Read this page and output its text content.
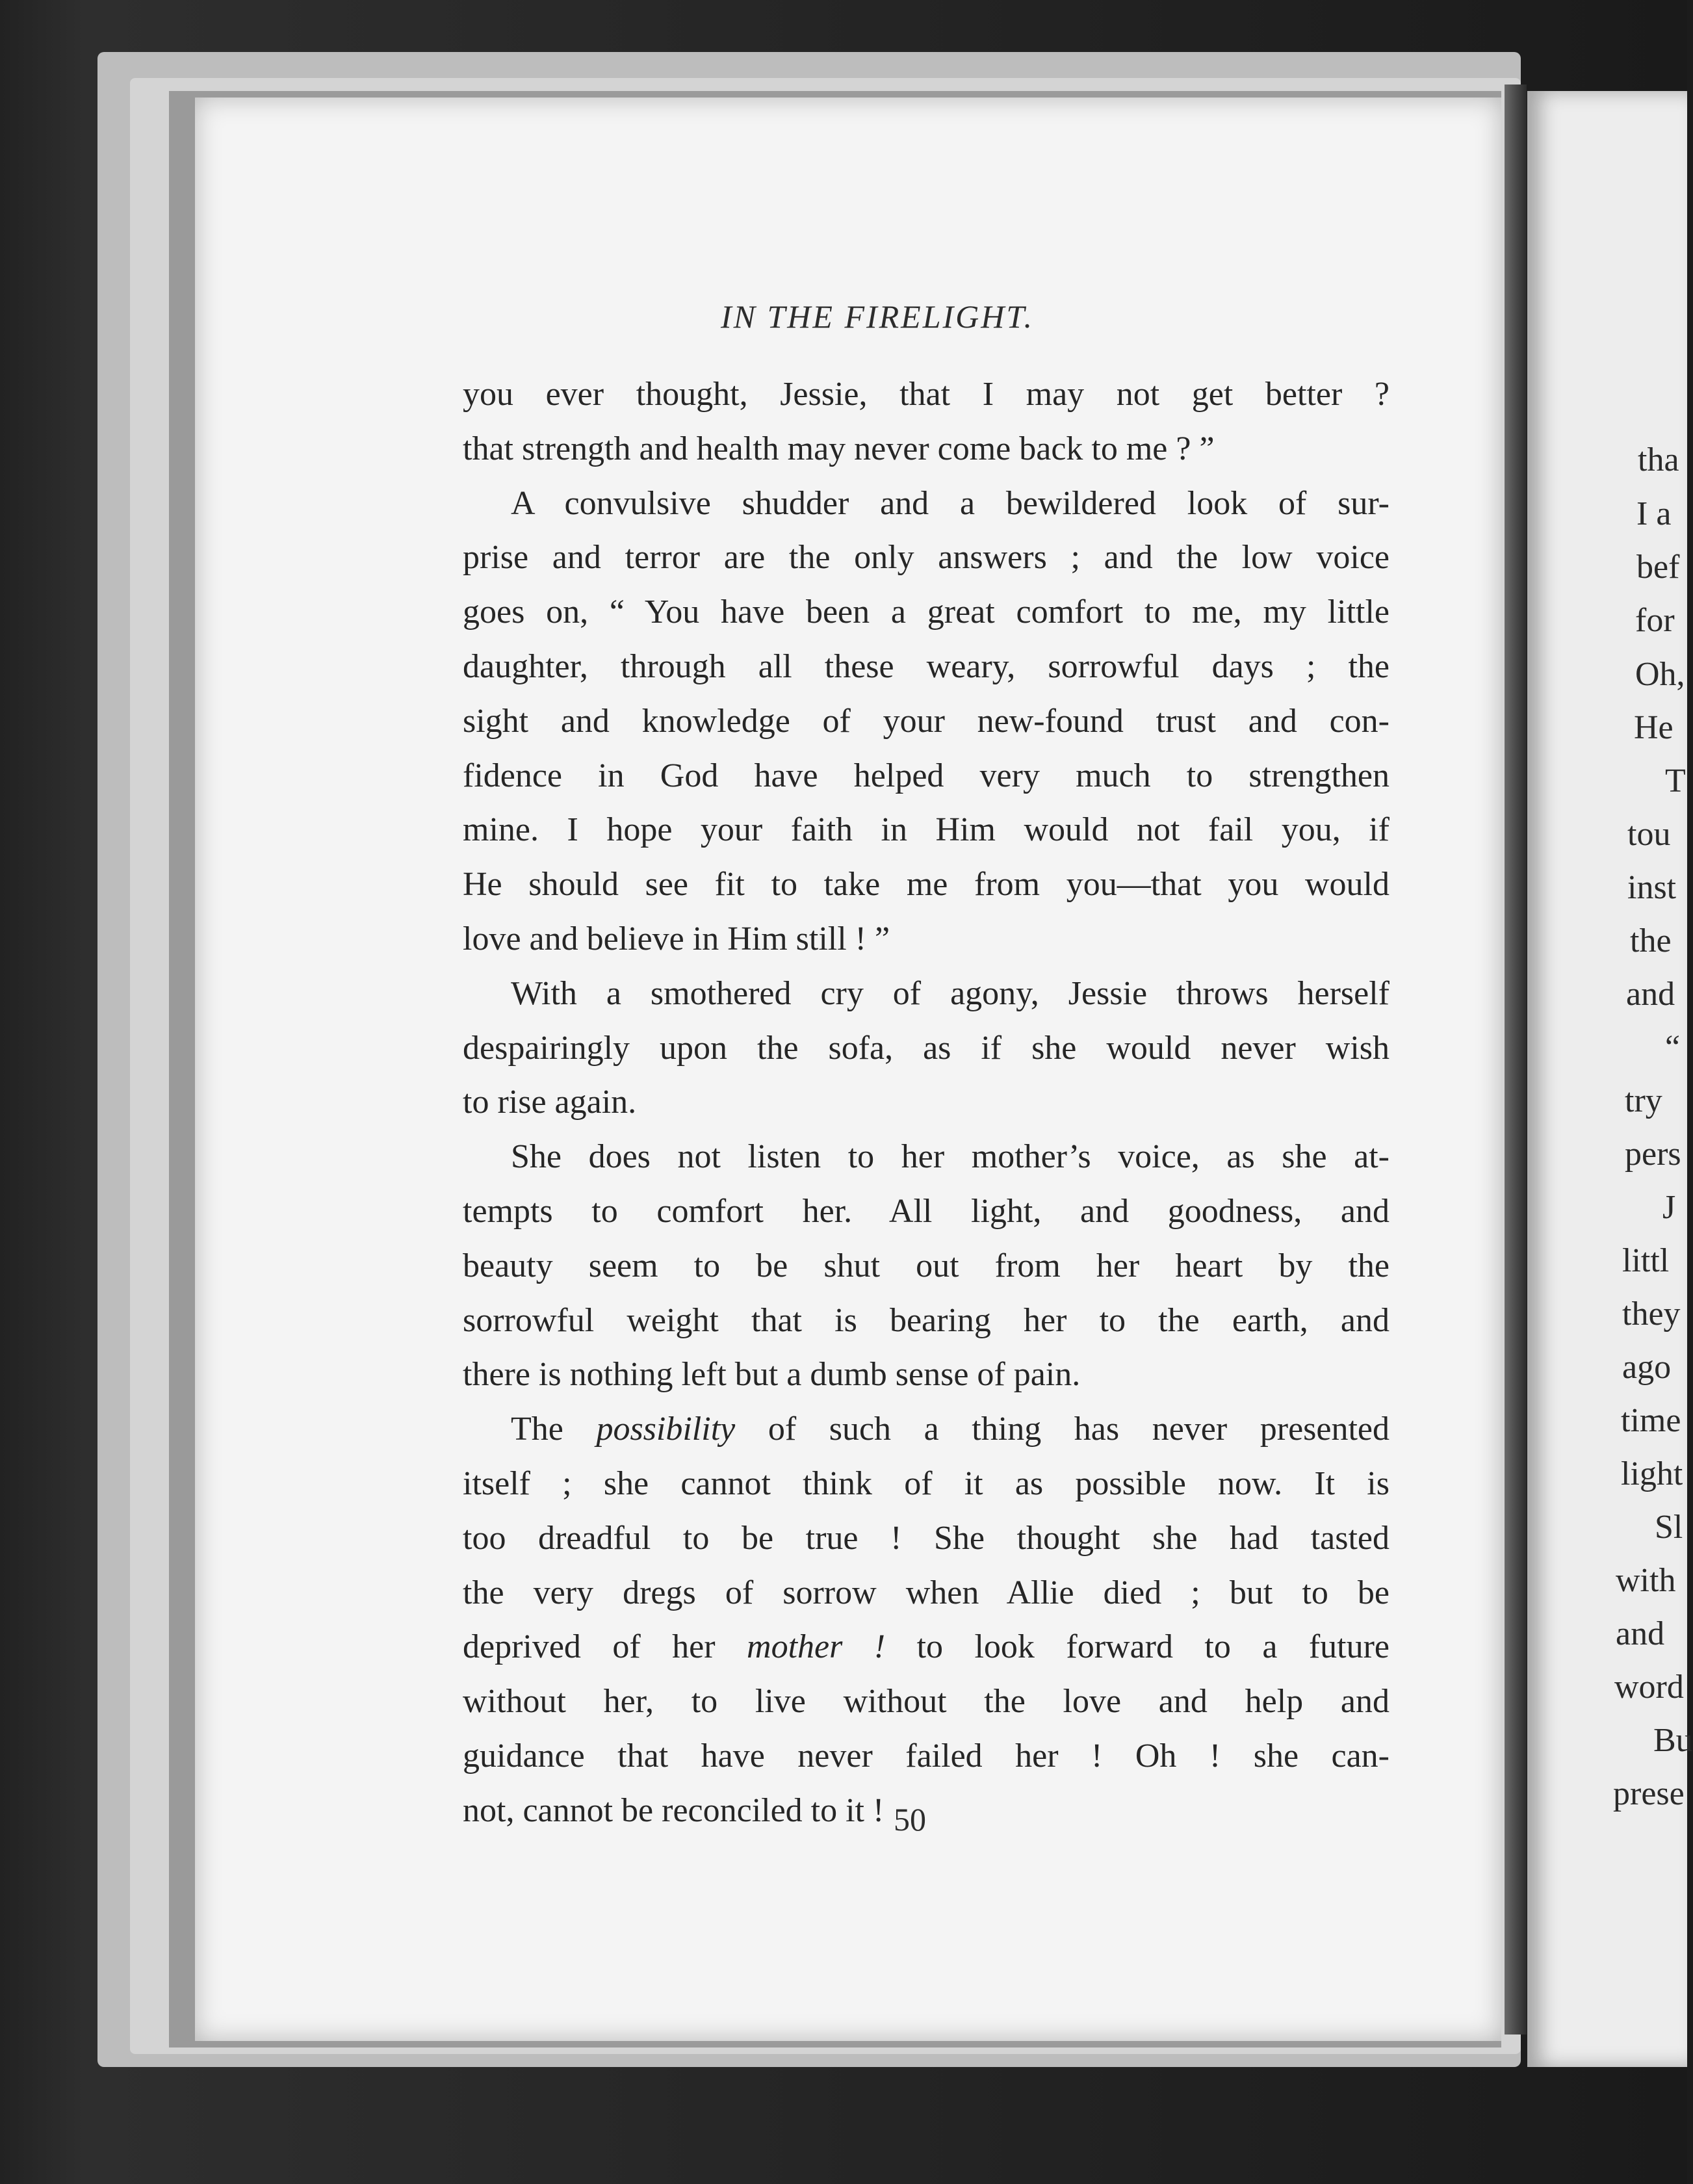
tha
I a
bef
for
Oh,
He
T
tou
inst
the
and
“
try
pers
J
littl
they
ago
time
light
Sl
with
and
word
Bu
prese
IN THE FIRELIGHT.

you ever thought, Jessie, that I may not get better ?

that strength and health may never come back to me ? ”

A convulsive shudder and a bewildered look of sur-

prise and terror are the only answers ; and the low voice

goes on, “ You have been a great comfort to me, my little

daughter, through all these weary, sorrowful days ; the

sight and knowledge of your new-found trust and con-

fidence in God have helped very much to strengthen

mine. I hope your faith in Him would not fail you, if

He should see fit to take me from you—that you would

love and believe in Him still ! ”

With a smothered cry of agony, Jessie throws herself

despairingly upon the sofa, as if she would never wish

to rise again.

She does not listen to her mother’s voice, as she at-

tempts to comfort her. All light, and goodness, and

beauty seem to be shut out from her heart by the

sorrowful weight that is bearing her to the earth, and

there is nothing left but a dumb sense of pain.

The possibility of such a thing has never presented

itself ; she cannot think of it as possible now. It is

too dreadful to be true ! She thought she had tasted

the very dregs of sorrow when Allie died ; but to be

deprived of her mother ! to look forward to a future

without her, to live without the love and help and

guidance that have never failed her ! Oh ! she can-

not, cannot be reconciled to it ! 50
